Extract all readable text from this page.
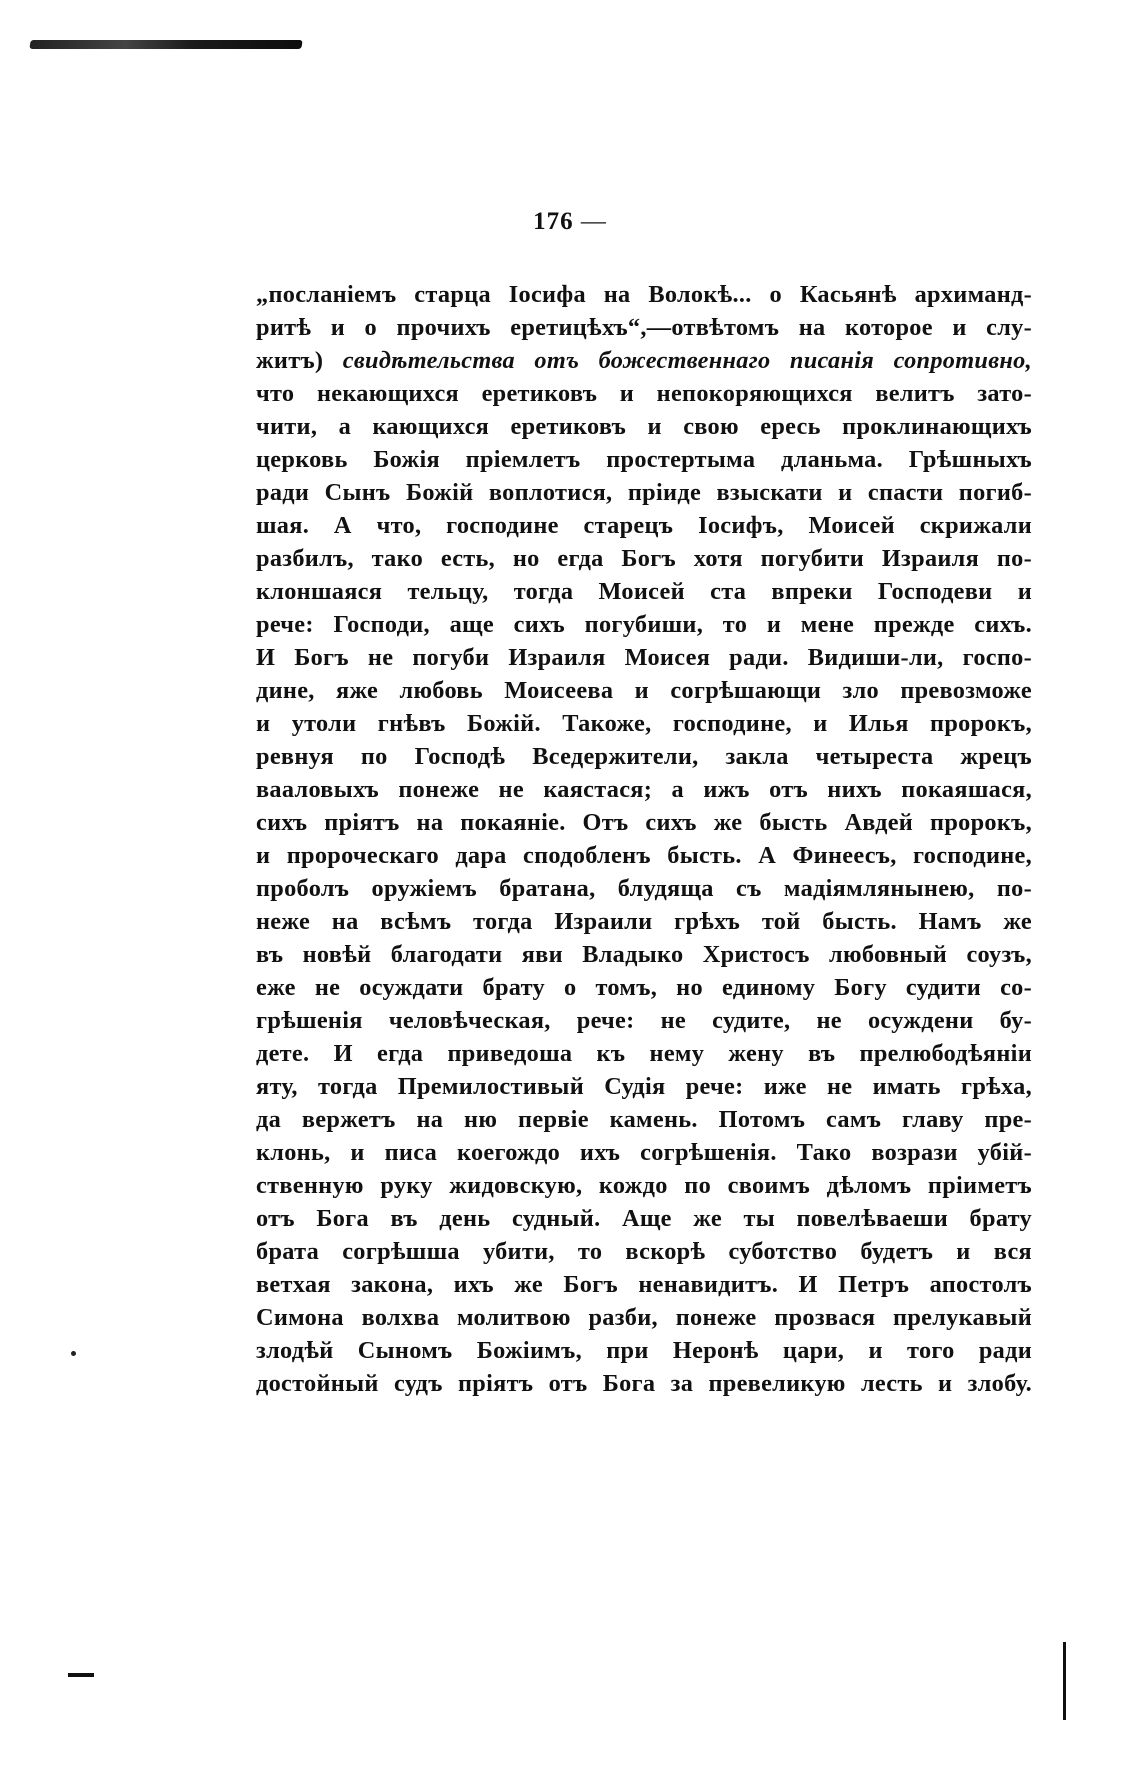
176 —
„посланіемъ старца Іосифа на Волокѣ... о Касьянѣ архиманд-
ритѣ и о прочихъ еретицѣхъ“,—отвѣтомъ на которое и слу-
житъ) свидѣтельства отъ божественнаго писанія сопротивно,
что некающихся еретиковъ и непокоряющихся велитъ зато-
чити, а кающихся еретиковъ и свою ересь проклинающихъ
церковь Божія пріемлетъ простертыма дланьма. Грѣшныхъ
ради Сынъ Божій воплотися, пріиде взыскати и спасти погиб-
шая. А что, господине старецъ Іосифъ, Моисей скрижали
разбилъ, тако есть, но егда Богъ хотя погубити Израиля по-
клоншаяся тельцу, тогда Моисей ста впреки Господеви и
рече: Господи, аще сихъ погубиши, то и мене прежде сихъ.
И Богъ не погуби Израиля Моисея ради. Видиши-ли, госпо-
дине, яже любовь Моисеева и согрѣшающи зло превозможе
и утоли гнѣвъ Божій. Такоже, господине, и Илья пророкъ,
ревнуя по Господѣ Вседержители, закла четыреста жрецъ
вааловыхъ понеже не каястася; а ижъ отъ нихъ покаяшася,
сихъ пріятъ на покаяніе. Отъ сихъ же бысть Авдей пророкъ,
и пророческаго дара сподобленъ бысть. А Финеесъ, господине,
проболъ оружіемъ братана, блудяща съ мадіямлянынею, по-
неже на всѣмъ тогда Израили грѣхъ той бысть. Намъ же
въ новѣй благодати яви Владыко Христосъ любовный соузъ,
еже не осуждати брату о томъ, но единому Богу судити со-
грѣшенія человѣческая, рече: не судите, не осуждени бу-
дете. И егда приведоша къ нему жену въ прелюбодѣяніи
яту, тогда Премилостивый Судія рече: иже не имать грѣха,
да вержетъ на ню первіе камень. Потомъ самъ главу пре-
клонь, и писа коегождо ихъ согрѣшенія. Тако возрази убій-
ственную руку жидовскую, кождо по своимъ дѣломъ пріиметъ
отъ Бога въ день судный. Аще же ты повелѣваеши брату
брата согрѣшша убити, то вскорѣ суботство будетъ и вся
ветхая закона, ихъ же Богъ ненавидитъ. И Петръ апостолъ
Симона волхва молитвою разби, понеже прозвася прелукавый
злодѣй Сыномъ Божіимъ, при Неронѣ цари, и того ради
достойный судъ пріятъ отъ Бога за превеликую лесть и злобу.
